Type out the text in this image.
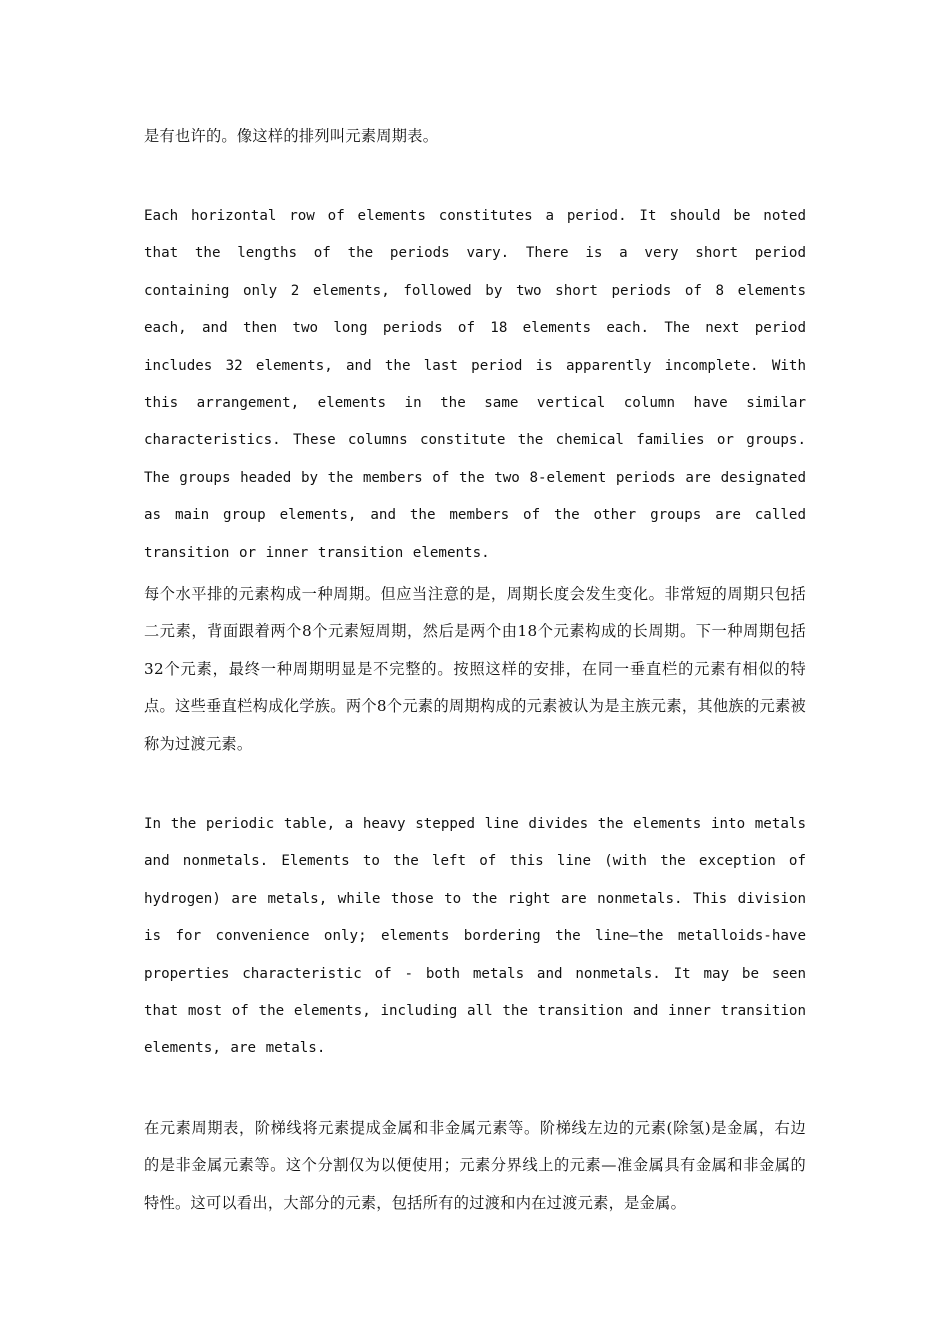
是有也许的。像这样的排列叫元素周期表。

Each horizontal row of elements constitutes a period. It should be noted that the lengths of the periods vary. There is a very short period containing only 2 elements, followed by two short periods of 8 elements each, and then two long periods of 18 elements each. The next period includes 32 elements, and the last period is apparently incomplete. With this arrangement, elements in the same vertical column have similar characteristics. These columns constitute the chemical families or groups. The groups headed by the members of the two 8-element periods are designated as main group elements, and the members of the other groups are called transition or inner transition elements.

每个水平排的元素构成一种周期。但应当注意的是，周期长度会发生变化。非常短的周期只包括二元素，背面跟着两个8个元素短周期，然后是两个由18个元素构成的长周期。下一种周期包括32个元素，最终一种周期明显是不完整的。按照这样的安排，在同一垂直栏的元素有相似的特点。这些垂直栏构成化学族。两个8个元素的周期构成的元素被认为是主族元素，其他族的元素被称为过渡元素。

In the periodic table, a heavy stepped line divides the elements into metals and nonmetals. Elements to the left of this line (with the exception of hydrogen) are metals, while those to the right are nonmetals. This division is for convenience only; elements bordering the line—the metalloids-have properties characteristic of - both metals and nonmetals. It may be seen that most of the elements, including all the transition and inner transition elements, are metals.

在元素周期表，阶梯线将元素提成金属和非金属元素等。阶梯线左边的元素(除氢)是金属，右边的是非金属元素等。这个分割仅为以便使用；元素分界线上的元素—准金属具有金属和非金属的特性。这可以看出，大部分的元素，包括所有的过渡和内在过渡元素，是金属。
